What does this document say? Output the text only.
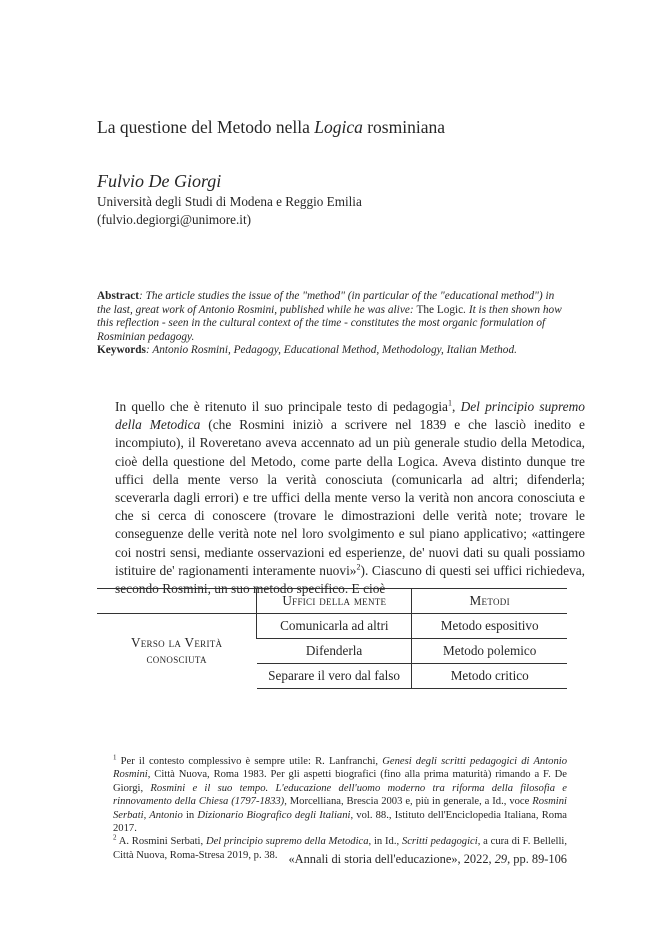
La questione del Metodo nella Logica rosminiana
Fulvio De Giorgi
Università degli Studi di Modena e Reggio Emilia
(fulvio.degiorgi@unimore.it)
Abstract: The article studies the issue of the "method" (in particular of the "educational method") in the last, great work of Antonio Rosmini, published while he was alive: The Logic. It is then shown how this reflection - seen in the cultural context of the time - constitutes the most organic formulation of Rosminian pedagogy.
Keywords: Antonio Rosmini, Pedagogy, Educational Method, Methodology, Italian Method.
In quello che è ritenuto il suo principale testo di pedagogia$^1$, Del principio supremo della Metodica (che Rosmini iniziò a scrivere nel 1839 e che lasciò inedito e incompiuto), il Roveretano aveva accennato ad un più generale studio della Metodica, cioè della questione del Metodo, come parte della Logica. Aveva distinto dunque tre uffici della mente verso la verità conosciuta (comunicarla ad altri; difenderla; sceverarla dagli errori) e tre uffici della mente verso la verità non ancora conosciuta e che si cerca di conoscere (trovare le dimostrazioni delle verità note; trovare le conseguenze delle verità note nel loro svolgimento e sul piano applicativo; «attingere coi nostri sensi, mediante osservazioni ed esperienze, de' nuovi dati su quali possiamo istituire de' ragionamenti interamente nuovi»$^2$). Ciascuno di questi sei uffici richiedeva, secondo Rosmini, un suo metodo specifico. E cioè
	Uffici della mente	Metodi
Verso la Verità
conosciuta	Comunicarla ad altri	Metodo espositivo
	Difenderla	Metodo polemico
	Separare il vero dal falso	Metodo critico
$^1$ Per il contesto complessivo è sempre utile: R. Lanfranchi, Genesi degli scritti pedagogici di Antonio Rosmini, Città Nuova, Roma 1983. Per gli aspetti biografici (fino alla prima maturità) rimando a F. De Giorgi, Rosmini e il suo tempo. L'educazione dell'uomo moderno tra riforma della filosofia e rinnovamento della Chiesa (1797-1833), Morcelliana, Brescia 2003 e, più in generale, a Id., voce Rosmini Serbati, Antonio in Dizionario Biografico degli Italiani, vol. 88., Istituto dell'Enciclopedia Italiana, Roma 2017.
$^2$ A. Rosmini Serbati, Del principio supremo della Metodica, in Id., Scritti pedagogici, a cura di F. Bellelli, Città Nuova, Roma-Stresa 2019, p. 38. «Annali di storia dell'educazione», 2022, 29, pp. 89-106
